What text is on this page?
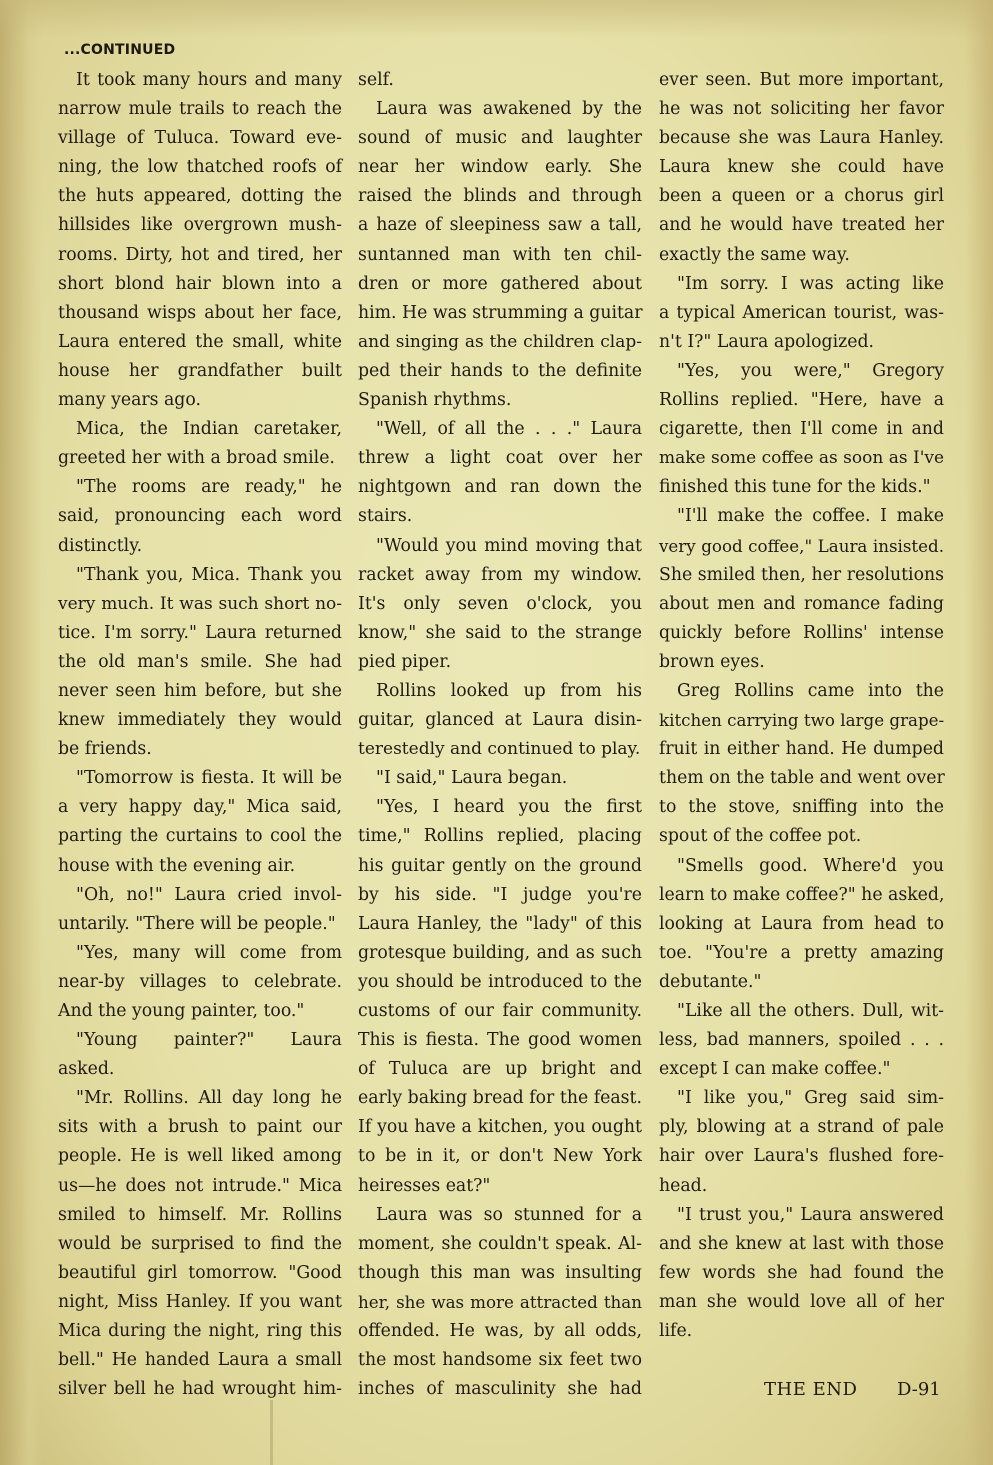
...CONTINUED
It took many hours and many
narrow mule trails to reach the
village of Tuluca. Toward eve-
ning, the low thatched roofs of
the huts appeared, dotting the
hillsides like overgrown mush-
rooms. Dirty, hot and tired, her
short blond hair blown into a
thousand wisps about her face,
Laura entered the small, white
house her grandfather built
many years ago.
Mica, the Indian caretaker,
greeted her with a broad smile.
"The rooms are ready," he
said, pronouncing each word
distinctly.
"Thank you, Mica. Thank you
very much. It was such short no-
tice. I'm sorry." Laura returned
the old man's smile. She had
never seen him before, but she
knew immediately they would
be friends.
"Tomorrow is fiesta. It will be
a very happy day," Mica said,
parting the curtains to cool the
house with the evening air.
"Oh, no!" Laura cried invol-
untarily. "There will be people."
"Yes, many will come from
near-by villages to celebrate.
And the young painter, too."
"Young painter?" Laura
asked.
"Mr. Rollins. All day long he
sits with a brush to paint our
people. He is well liked among
us—he does not intrude." Mica
smiled to himself. Mr. Rollins
would be surprised to find the
beautiful girl tomorrow. "Good
night, Miss Hanley. If you want
Mica during the night, ring this
bell." He handed Laura a small
silver bell he had wrought him-
self.
Laura was awakened by the
sound of music and laughter
near her window early. She
raised the blinds and through
a haze of sleepiness saw a tall,
suntanned man with ten chil-
dren or more gathered about
him. He was strumming a guitar
and singing as the children clap-
ped their hands to the definite
Spanish rhythms.
"Well, of all the . . ." Laura
threw a light coat over her
nightgown and ran down the
stairs.
"Would you mind moving that
racket away from my window.
It's only seven o'clock, you
know," she said to the strange
pied piper.
Rollins looked up from his
guitar, glanced at Laura disin-
terestedly and continued to play.
"I said," Laura began.
"Yes, I heard you the first
time," Rollins replied, placing
his guitar gently on the ground
by his side. "I judge you're
Laura Hanley, the "lady" of this
grotesque building, and as such
you should be introduced to the
customs of our fair community.
This is fiesta. The good women
of Tuluca are up bright and
early baking bread for the feast.
If you have a kitchen, you ought
to be in it, or don't New York
heiresses eat?"
Laura was so stunned for a
moment, she couldn't speak. Al-
though this man was insulting
her, she was more attracted than
offended. He was, by all odds,
the most handsome six feet two
inches of masculinity she had
ever seen. But more important,
he was not soliciting her favor
because she was Laura Hanley.
Laura knew she could have
been a queen or a chorus girl
and he would have treated her
exactly the same way.
"Im sorry. I was acting like
a typical American tourist, was-
n't I?" Laura apologized.
"Yes, you were," Gregory
Rollins replied. "Here, have a
cigarette, then I'll come in and
make some coffee as soon as I've
finished this tune for the kids."
"I'll make the coffee. I make
very good coffee," Laura insisted.
She smiled then, her resolutions
about men and romance fading
quickly before Rollins' intense
brown eyes.
Greg Rollins came into the
kitchen carrying two large grape-
fruit in either hand. He dumped
them on the table and went over
to the stove, sniffing into the
spout of the coffee pot.
"Smells good. Where'd you
learn to make coffee?" he asked,
looking at Laura from head to
toe. "You're a pretty amazing
debutante."
"Like all the others. Dull, wit-
less, bad manners, spoiled . . .
except I can make coffee."
"I like you," Greg said sim-
ply, blowing at a strand of pale
hair over Laura's flushed fore-
head.
"I trust you," Laura answered
and she knew at last with those
few words she had found the
man she would love all of her
life.
THE END D-91
